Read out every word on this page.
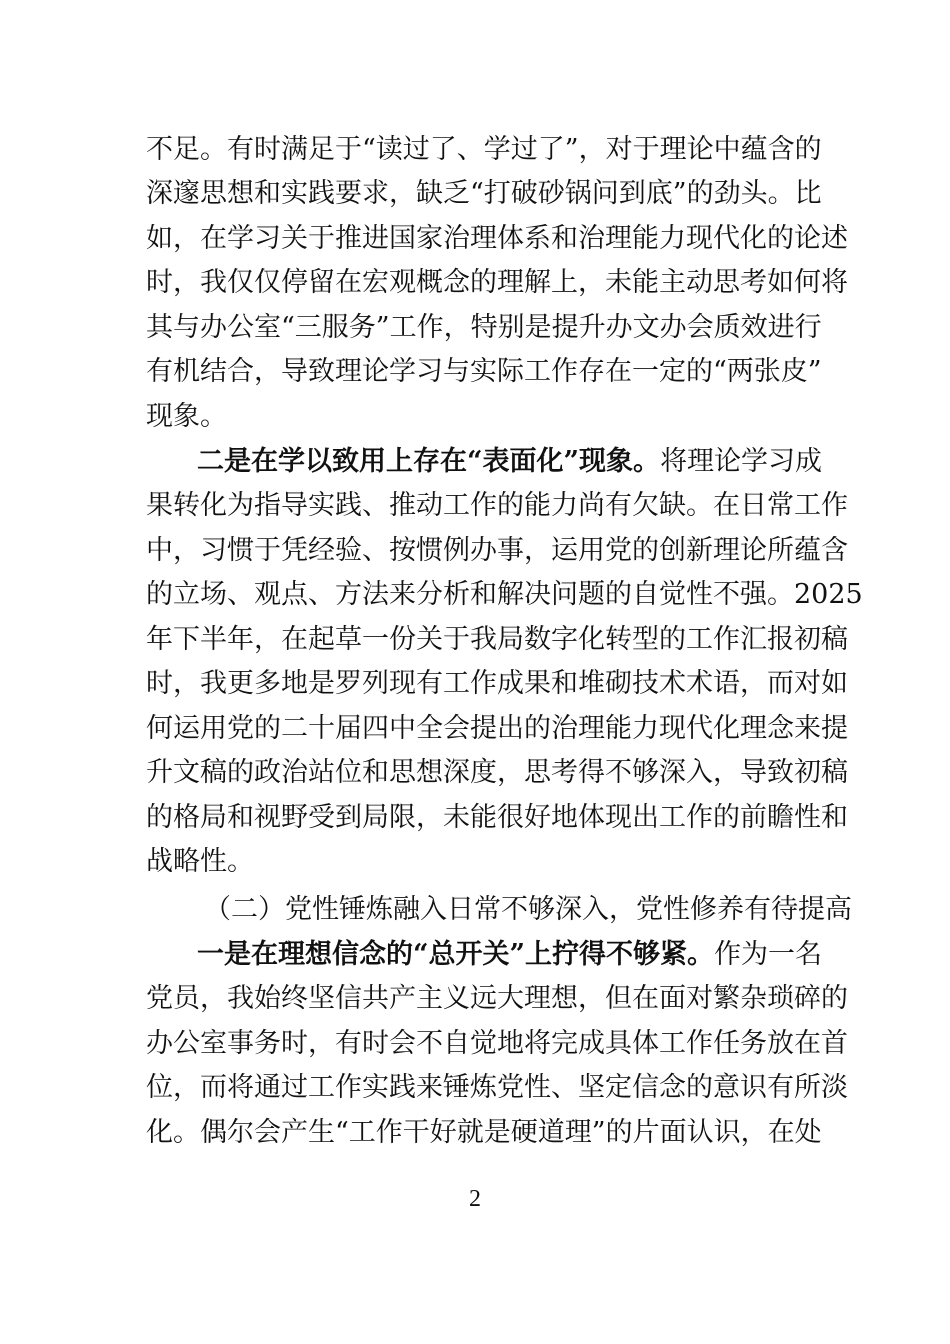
不足。有时满足于“读过了、学过了”，对于理论中蕴含的
深邃思想和实践要求，缺乏“打破砂锅问到底”的劲头。比
如，在学习关于推进国家治理体系和治理能力现代化的论述
时，我仅仅停留在宏观概念的理解上，未能主动思考如何将
其与办公室“三服务”工作，特别是提升办文办会质效进行
有机结合，导致理论学习与实际工作存在一定的“两张皮”
现象。
二是在学以致用上存在“表面化”现象。将理论学习成
果转化为指导实践、推动工作的能力尚有欠缺。在日常工作
中，习惯于凭经验、按惯例办事，运用党的创新理论所蕴含
的立场、观点、方法来分析和解决问题的自觉性不强。2025
年下半年，在起草一份关于我局数字化转型的工作汇报初稿
时，我更多地是罗列现有工作成果和堆砌技术术语，而对如
何运用党的二十届四中全会提出的治理能力现代化理念来提
升文稿的政治站位和思想深度，思考得不够深入，导致初稿
的格局和视野受到局限，未能很好地体现出工作的前瞻性和
战略性。
（二）党性锤炼融入日常不够深入，党性修养有待提高
一是在理想信念的“总开关”上拧得不够紧。作为一名
党员，我始终坚信共产主义远大理想，但在面对繁杂琐碎的
办公室事务时，有时会不自觉地将完成具体工作任务放在首
位，而将通过工作实践来锤炼党性、坚定信念的意识有所淡
化。偶尔会产生“工作干好就是硬道理”的片面认识，在处
2
